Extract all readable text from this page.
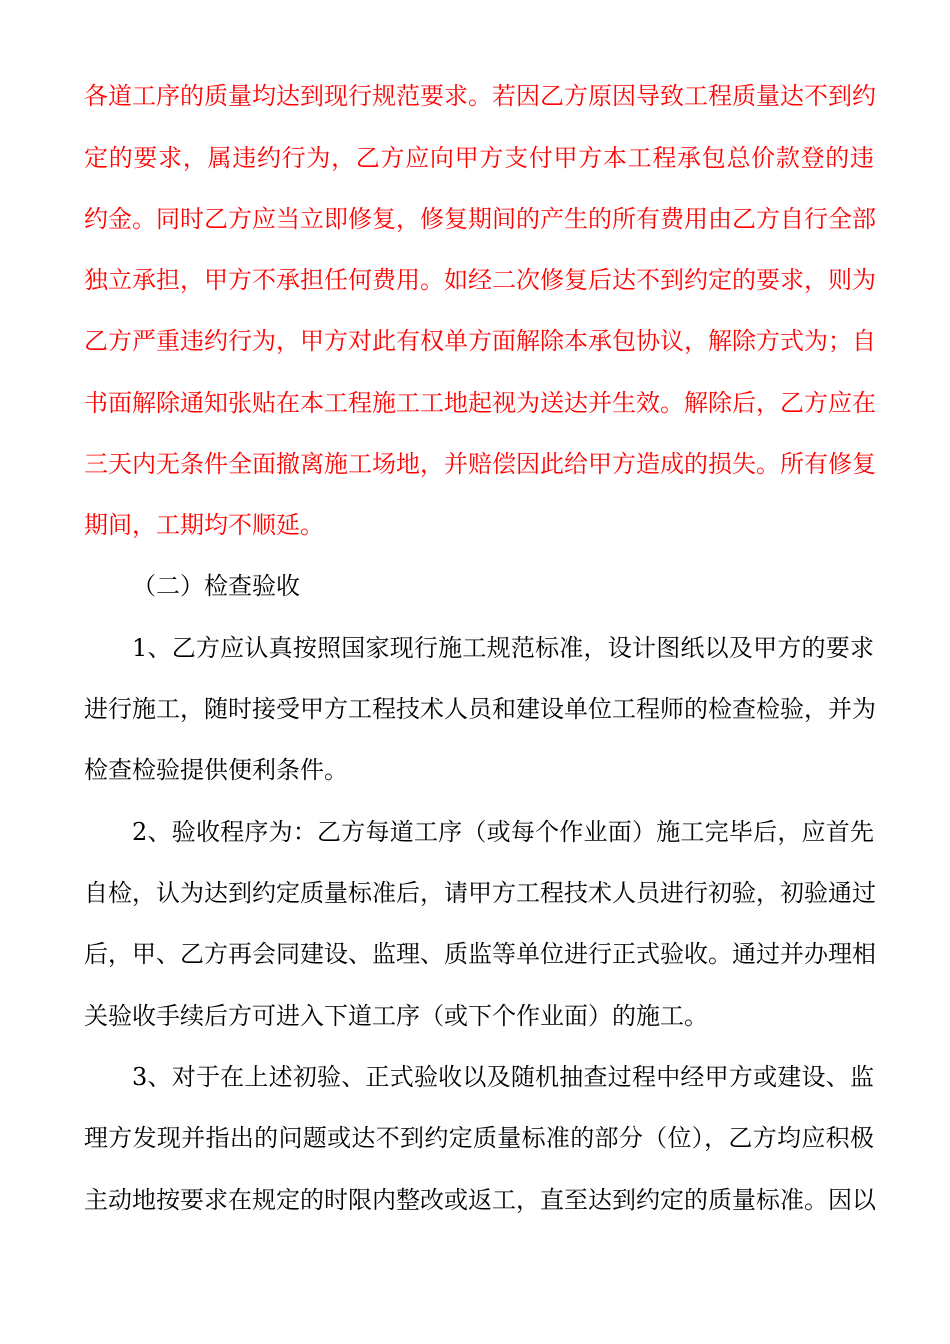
各道工序的质量均达到现行规范要求。若因乙方原因导致工程质量达不到约
定的要求，属违约行为，乙方应向甲方支付甲方本工程承包总价款登的违
约金。同时乙方应当立即修复，修复期间的产生的所有费用由乙方自行全部
独立承担，甲方不承担任何费用。如经二次修复后达不到约定的要求，则为
乙方严重违约行为，甲方对此有权单方面解除本承包协议，解除方式为；自
书面解除通知张贴在本工程施工工地起视为送达并生效。解除后，乙方应在
三天内无条件全面撤离施工场地，并赔偿因此给甲方造成的损失。所有修复
期间，工期均不顺延。
（二）检查验收
1、乙方应认真按照国家现行施工规范标准，设计图纸以及甲方的要求
进行施工，随时接受甲方工程技术人员和建设单位工程师的检查检验，并为
检查检验提供便利条件。
2、验收程序为：乙方每道工序（或每个作业面）施工完毕后，应首先
自检，认为达到约定质量标准后，请甲方工程技术人员进行初验，初验通过
后，甲、乙方再会同建设、监理、质监等单位进行正式验收。通过并办理相
关验收手续后方可进入下道工序（或下个作业面）的施工。
3、对于在上述初验、正式验收以及随机抽查过程中经甲方或建设、监
理方发现并指出的问题或达不到约定质量标准的部分（位），乙方均应积极
主动地按要求在规定的时限内整改或返工，直至达到约定的质量标准。因以
